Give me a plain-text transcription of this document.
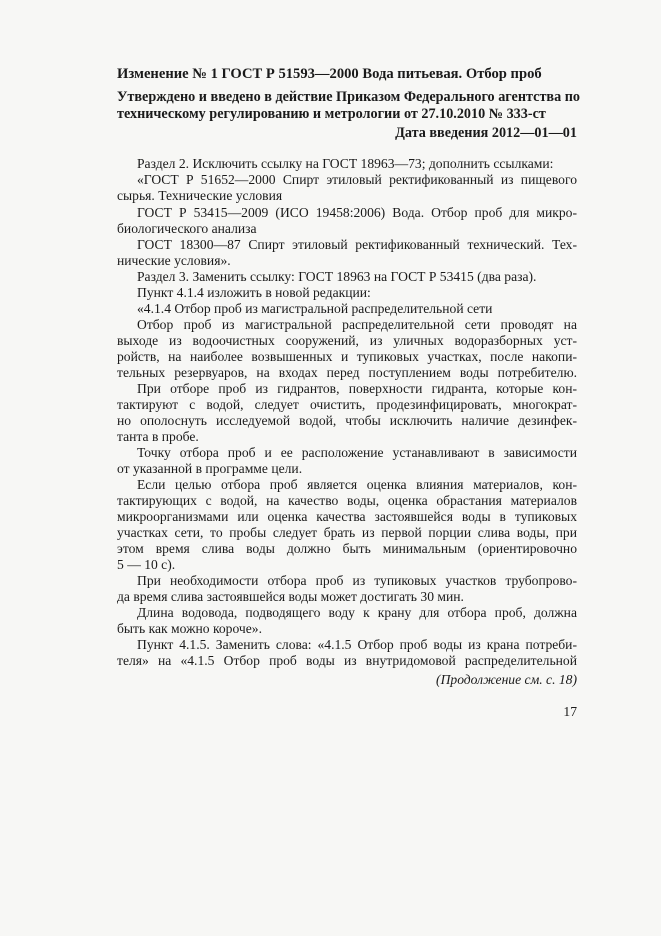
Изменение № 1 ГОСТ Р 51593—2000 Вода питьевая. Отбор проб
Утверждено и введено в действие Приказом Федерального агентства по
техническому регулированию и метрологии от 27.10.2010 № 333-ст
Дата введения 2012—01—01
Раздел 2. Исключить ссылку на ГОСТ 18963—73; дополнить ссылками:
«ГОСТ Р 51652—2000 Спирт этиловый ректификованный из пищевого
сырья. Технические условия
ГОСТ Р 53415—2009 (ИСО 19458:2006) Вода. Отбор проб для микро-
биологического анализа
ГОСТ 18300—87 Спирт этиловый ректификованный технический. Тех-
нические условия».
Раздел 3. Заменить ссылку: ГОСТ 18963 на ГОСТ Р 53415 (два раза).
Пункт 4.1.4 изложить в новой редакции:
«4.1.4 Отбор проб из магистральной распределительной сети
Отбор проб из магистральной распределительной сети проводят на
выходе из водоочистных сооружений, из уличных водоразборных уст-
ройств, на наиболее возвышенных и тупиковых участках, после накопи-
тельных резервуаров, на входах перед поступлением воды потребителю.
При отборе проб из гидрантов, поверхности гидранта, которые кон-
тактируют с водой, следует очистить, продезинфицировать, многократ-
но ополоснуть исследуемой водой, чтобы исключить наличие дезинфек-
танта в пробе.
Точку отбора проб и ее расположение устанавливают в зависимости
от указанной в программе цели.
Если целью отбора проб является оценка влияния материалов, кон-
тактирующих с водой, на качество воды, оценка обрастания материалов
микроорганизмами или оценка качества застоявшейся воды в тупиковых
участках сети, то пробы следует брать из первой порции слива воды, при
этом время слива воды должно быть минимальным (ориентировочно
5 — 10 с).
При необходимости отбора проб из тупиковых участков трубопрово-
да время слива застоявшейся воды может достигать 30 мин.
Длина водовода, подводящего воду к крану для отбора проб, должна
быть как можно короче».
Пункт 4.1.5. Заменить слова: «4.1.5 Отбор проб воды из крана потреби-
теля» на «4.1.5 Отбор проб воды из внутридомовой распределительной
(Продолжение см. с. 18)
17
